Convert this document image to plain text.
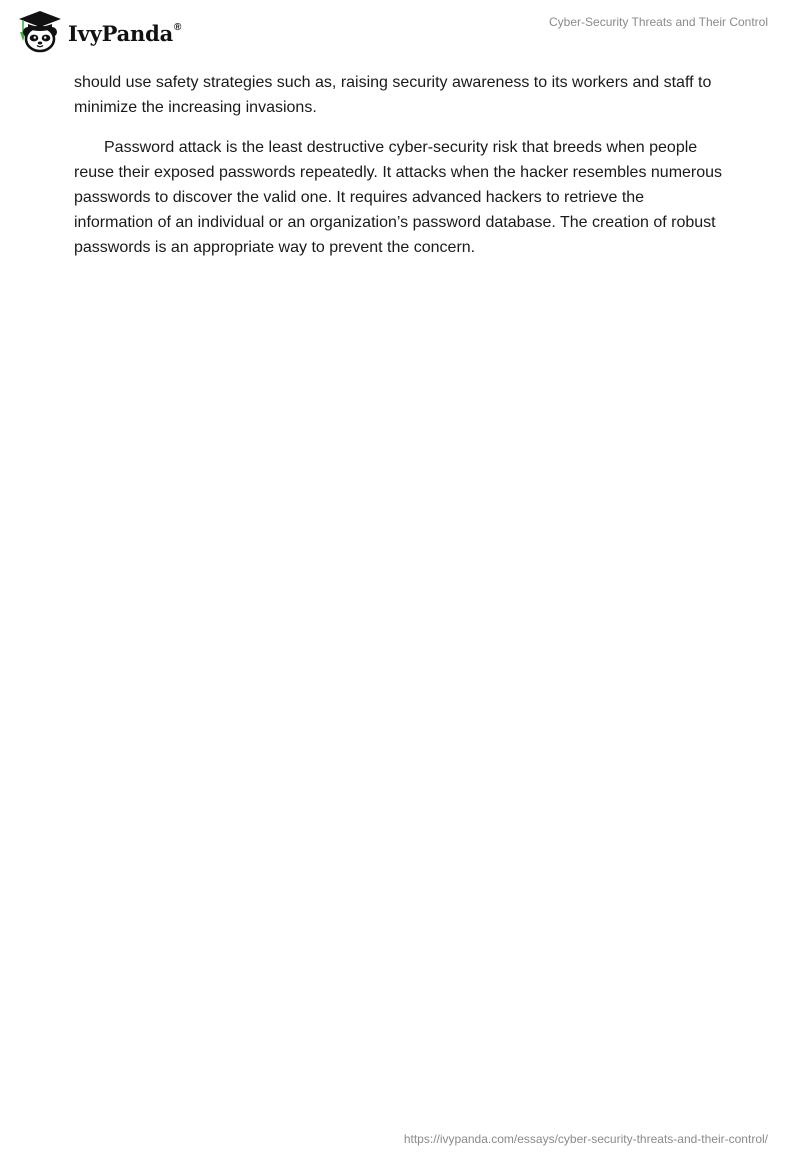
IvyPanda®	Cyber-Security Threats and Their Control

should use safety strategies such as, raising security awareness to its workers and staff to minimize the increasing invasions.

Password attack is the least destructive cyber-security risk that breeds when people reuse their exposed passwords repeatedly. It attacks when the hacker resembles numerous passwords to discover the valid one. It requires advanced hackers to retrieve the information of an individual or an organization’s password database. The creation of robust passwords is an appropriate way to prevent the concern.

https://ivypanda.com/essays/cyber-security-threats-and-their-control/
